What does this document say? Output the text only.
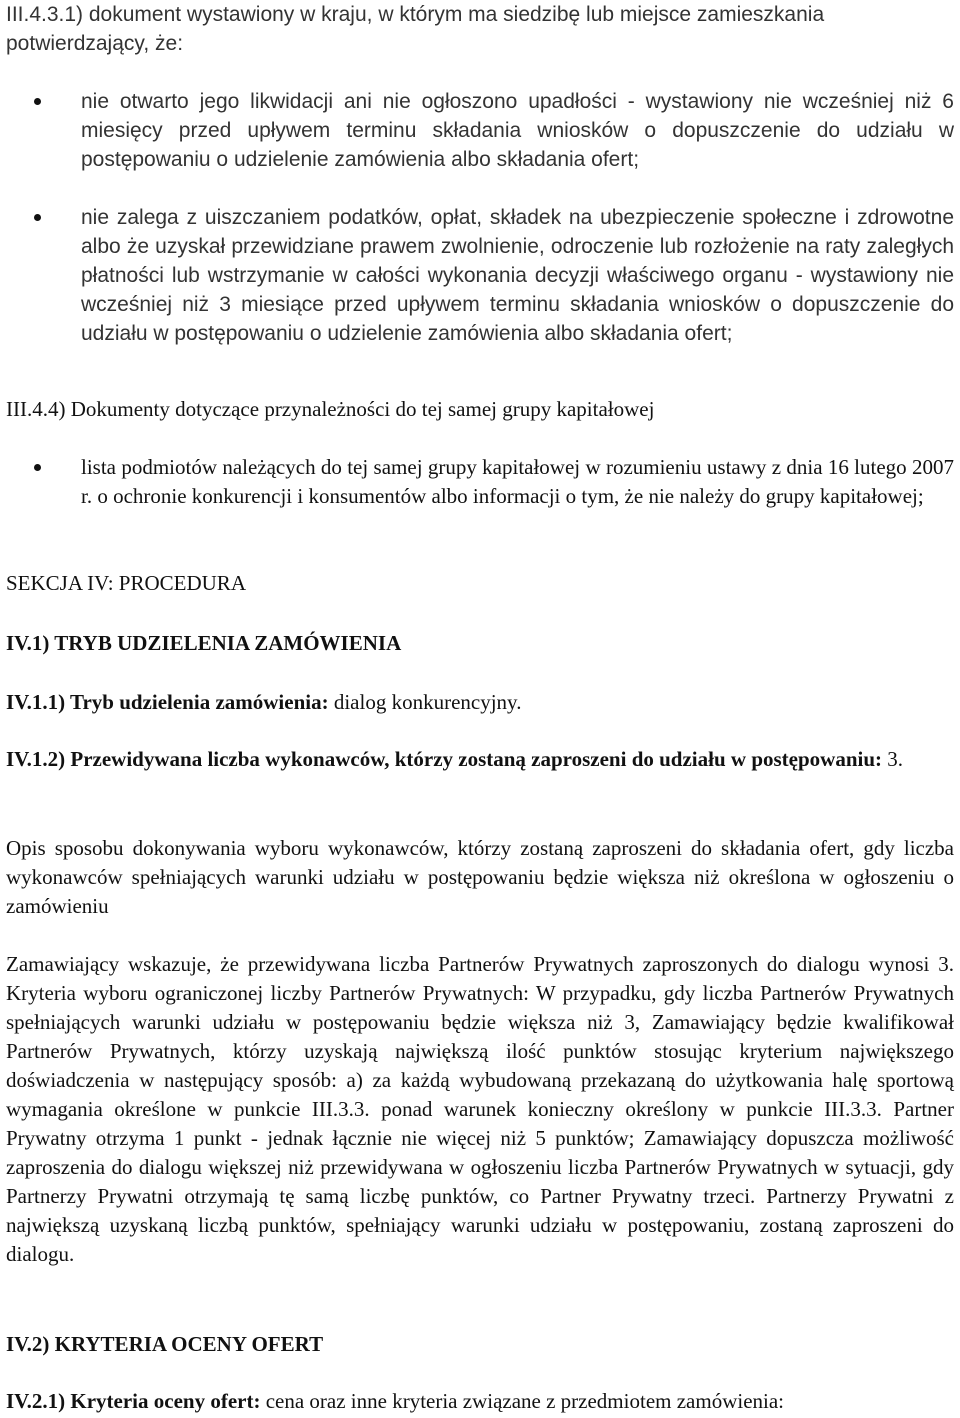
III.4.3.1) dokument wystawiony w kraju, w którym ma siedzibę lub miejsce zamieszkania potwierdzający, że:

nie otwarto jego likwidacji ani nie ogłoszono upadłości - wystawiony nie wcześniej niż 6 miesięcy przed upływem terminu składania wniosków o dopuszczenie do udziału w postępowaniu o udzielenie zamówienia albo składania ofert;
nie zalega z uiszczaniem podatków, opłat, składek na ubezpieczenie społeczne i zdrowotne albo że uzyskał przewidziane prawem zwolnienie, odroczenie lub rozłożenie na raty zaległych płatności lub wstrzymanie w całości wykonania decyzji właściwego organu - wystawiony nie wcześniej niż 3 miesiące przed upływem terminu składania wniosków o dopuszczenie do udziału w postępowaniu o udzielenie zamówienia albo składania ofert;

III.4.4) Dokumenty dotyczące przynależności do tej samej grupy kapitałowej

lista podmiotów należących do tej samej grupy kapitałowej w rozumieniu ustawy z dnia 16 lutego 2007 r. o ochronie konkurencji i konsumentów albo informacji o tym, że nie należy do grupy kapitałowej;

SEKCJA IV: PROCEDURA

IV.1) TRYB UDZIELENIA ZAMÓWIENIA

IV.1.1) Tryb udzielenia zamówienia: dialog konkurencyjny.

IV.1.2) Przewidywana liczba wykonawców, którzy zostaną zaproszeni do udziału w postępowaniu: 3.

Opis sposobu dokonywania wyboru wykonawców, którzy zostaną zaproszeni do składania ofert, gdy liczba wykonawców spełniających warunki udziału w postępowaniu będzie większa niż określona w ogłoszeniu o zamówieniu

Zamawiający wskazuje, że przewidywana liczba Partnerów Prywatnych zaproszonych do dialogu wynosi 3. Kryteria wyboru ograniczonej liczby Partnerów Prywatnych: W przypadku, gdy liczba Partnerów Prywatnych spełniających warunki udziału w postępowaniu będzie większa niż 3, Zamawiający będzie kwalifikował Partnerów Prywatnych, którzy uzyskają największą ilość punktów stosując kryterium największego doświadczenia w następujący sposób: a) za każdą wybudowaną przekazaną do użytkowania halę sportową wymagania określone w punkcie III.3.3. ponad warunek konieczny określony w punkcie III.3.3. Partner Prywatny otrzyma 1 punkt - jednak łącznie nie więcej niż 5 punktów; Zamawiający dopuszcza możliwość zaproszenia do dialogu większej niż przewidywana w ogłoszeniu liczba Partnerów Prywatnych w sytuacji, gdy Partnerzy Prywatni otrzymają tę samą liczbę punktów, co Partner Prywatny trzeci. Partnerzy Prywatni z największą uzyskaną liczbą punktów, spełniający warunki udziału w postępowaniu, zostaną zaproszeni do dialogu.

IV.2) KRYTERIA OCENY OFERT

IV.2.1) Kryteria oceny ofert: cena oraz inne kryteria związane z przedmiotem zamówienia:
